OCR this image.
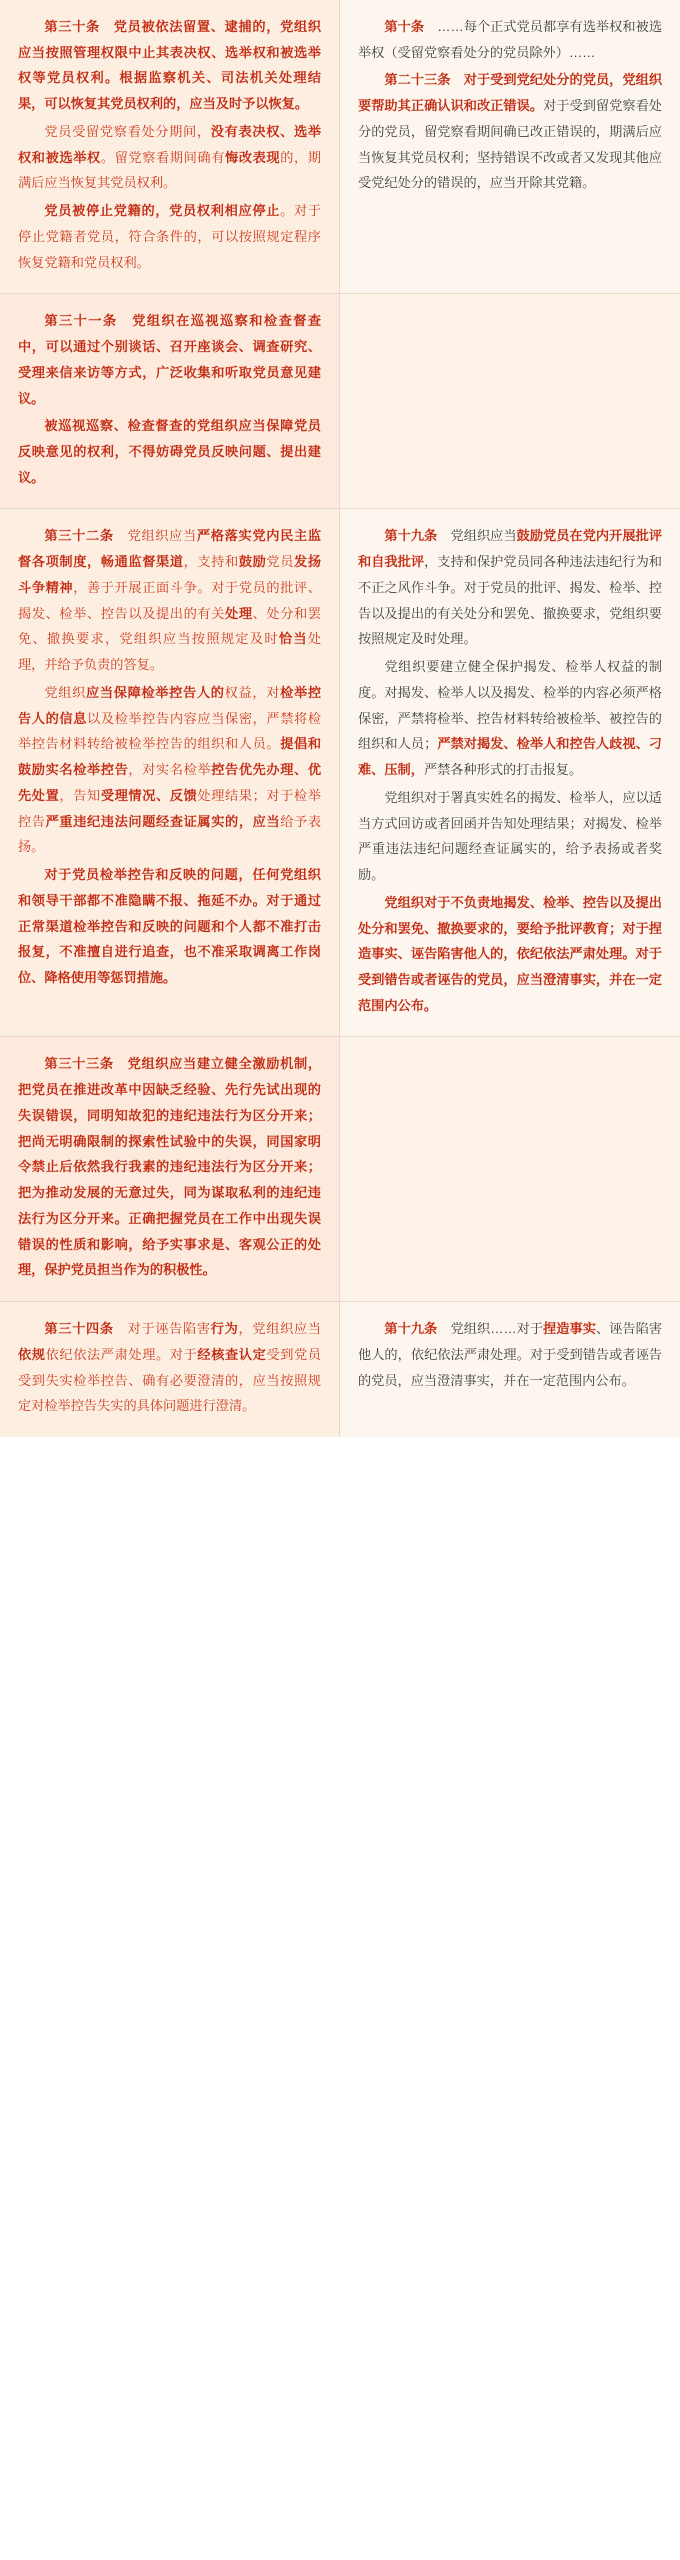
第三十条　 党员被依法留置、逮捕的，党组织应当按照管理权限中止其表决权、选举权和被选举权等党员权利。根据监察机关、司法机关处理结果，可以恢复其党员权利的，应当及时予以恢复。

党员受留党察看处分期间，没有表决权、选举权和被选举权。留党察看期间确有悔改表现的，期满后应当恢复其党员权利。

党员被停止党籍的，党员权利相应停止。对于停止党籍者党员，符合条件的，可以按照规定程序恢复党籍和党员权利。

第十条　……每个正式党员都享有选举权和被选举权（受留党察看处分的党员除外）……

第二十三条　 对于受到党纪处分的党员，党组织要帮助其正确认识和改正错误。对于受到留党察看处分的党员，留党察看期间确已改正错误的，期满后应当恢复其党员权利；坚持错误不改或者又发现其他应受党纪处分的错误的，应当开除其党籍。

第三十一条　 党组织在巡视巡察和检查督查中，可以通过个别谈话、召开座谈会、调查研究、受理来信来访等方式，广泛收集和听取党员意见建议。

被巡视巡察、检查督查的党组织应当保障党员反映意见的权利，不得妨碍党员反映问题、提出建议。

第三十二条　党组织应当严格落实党内民主监督各项制度，畅通监督渠道，支持和鼓励党员发扬斗争精神，善于开展正面斗争。对于党员的批评、揭发、检举、控告以及提出的有关处理、处分和罢免、撤换要求，党组织应当按照规定及时恰当处理，并给予负责的答复。

党组织应当保障检举控告人的权益，对检举控告人的信息以及检举控告内容应当保密，严禁将检举控告材料转给被检举控告的组织和人员。提倡和鼓励实名检举控告，对实名检举控告优先办理、优先处置，告知受理情况、反馈处理结果；对于检举控告严重违纪违法问题经查证属实的，应当给予表扬。

对于党员检举控告和反映的问题，任何党组织和领导干部都不准隐瞒不报、拖延不办。对于通过正常渠道检举控告和反映的问题和个人都不准打击报复，不准擅自进行追查，也不准采取调离工作岗位、降格使用等惩罚措施。

第十九条　党组织应当鼓励党员在党内开展批评和自我批评，支持和保护党员同各种违法违纪行为和不正之风作斗争。对于党员的批评、揭发、检举、控告以及提出的有关处分和罢免、撤换要求，党组织要按照规定及时处理。

党组织要建立健全保护揭发、检举人权益的制度。对揭发、检举人以及揭发、检举的内容必须严格保密，严禁将检举、控告材料转给被检举、被控告的组织和人员；严禁对揭发、检举人和控告人歧视、刁难、压制，严禁各种形式的打击报复。

党组织对于署真实姓名的揭发、检举人，应以适当方式回访或者回函并告知处理结果；对揭发、检举严重违法违纪问题经查证属实的，给予表扬或者奖励。

党组织对于不负责地揭发、检举、控告以及提出处分和罢免、撤换要求的，要给予批评教育；对于捏造事实、诬告陷害他人的，依纪依法严肃处理。对于受到错告或者诬告的党员，应当澄清事实，并在一定范围内公布。

第三十三条　 党组织应当建立健全激励机制，把党员在推进改革中因缺乏经验、先行先试出现的失误错误，同明知故犯的违纪违法行为区分开来；把尚无明确限制的探索性试验中的失误，同国家明令禁止后依然我行我素的违纪违法行为区分开来；把为推动发展的无意过失，同为谋取私利的违纪违法行为区分开来。正确把握党员在工作中出现失误错误的性质和影响，给予实事求是、客观公正的处理，保护党员担当作为的积极性。

第三十四条　对于诬告陷害行为，党组织应当依规依纪依法严肃处理。对于经核查认定受到党员受到失实检举控告、确有必要澄清的，应当按照规定对检举控告失实的具体问题进行澄清。

第十九条　党组织……对于捏造事实、诬告陷害他人的，依纪依法严肃处理。对于受到错告或者诬告的党员，应当澄清事实，并在一定范围内公布。
